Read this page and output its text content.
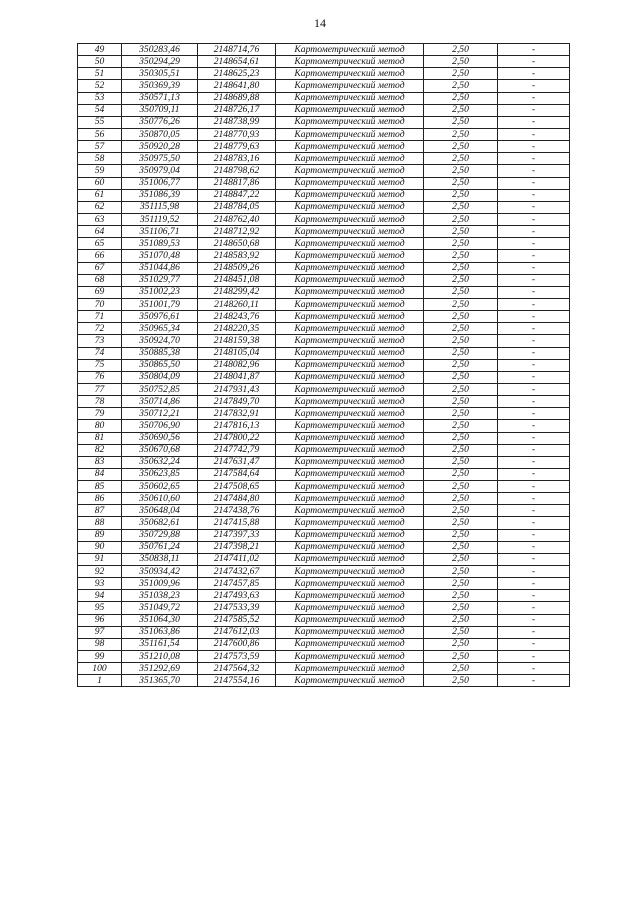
14
49	350283,46	2148714,76	Картометрический метод	2,50	-
50	350294,29	2148654,61	Картометрический метод	2,50	-
51	350305,51	2148625,23	Картометрический метод	2,50	-
52	350369,39	2148641,80	Картометрический метод	2,50	-
53	350571,13	2148689,88	Картометрический метод	2,50	-
54	350709,11	2148726,17	Картометрический метод	2,50	-
55	350776,26	2148738,99	Картометрический метод	2,50	-
56	350870,05	2148770,93	Картометрический метод	2,50	-
57	350920,28	2148779,63	Картометрический метод	2,50	-
58	350975,50	2148783,16	Картометрический метод	2,50	-
59	350979,04	2148798,62	Картометрический метод	2,50	-
60	351006,77	2148817,86	Картометрический метод	2,50	-
61	351086,39	2148847,22	Картометрический метод	2,50	-
62	351115,98	2148784,05	Картометрический метод	2,50	-
63	351119,52	2148762,40	Картометрический метод	2,50	-
64	351106,71	2148712,92	Картометрический метод	2,50	-
65	351089,53	2148650,68	Картометрический метод	2,50	-
66	351070,48	2148583,92	Картометрический метод	2,50	-
67	351044,86	2148509,26	Картометрический метод	2,50	-
68	351029,77	2148451,08	Картометрический метод	2,50	-
69	351002,23	2148299,42	Картометрический метод	2,50	-
70	351001,79	2148260,11	Картометрический метод	2,50	-
71	350976,61	2148243,76	Картометрический метод	2,50	-
72	350965,34	2148220,35	Картометрический метод	2,50	-
73	350924,70	2148159,38	Картометрический метод	2,50	-
74	350885,38	2148105,04	Картометрический метод	2,50	-
75	350865,50	2148082,96	Картометрический метод	2,50	-
76	350804,09	2148041,87	Картометрический метод	2,50	-
77	350752,85	2147931,43	Картометрический метод	2,50	-
78	350714,86	2147849,70	Картометрический метод	2,50	-
79	350712,21	2147832,91	Картометрический метод	2,50	-
80	350706,90	2147816,13	Картометрический метод	2,50	-
81	350690,56	2147800,22	Картометрический метод	2,50	-
82	350670,68	2147742,79	Картометрический метод	2,50	-
83	350632,24	2147631,47	Картометрический метод	2,50	-
84	350623,85	2147584,64	Картометрический метод	2,50	-
85	350602,65	2147508,65	Картометрический метод	2,50	-
86	350610,60	2147484,80	Картометрический метод	2,50	-
87	350648,04	2147438,76	Картометрический метод	2,50	-
88	350682,61	2147415,88	Картометрический метод	2,50	-
89	350729,88	2147397,33	Картометрический метод	2,50	-
90	350761,24	2147398,21	Картометрический метод	2,50	-
91	350838,11	2147411,02	Картометрический метод	2,50	-
92	350934,42	2147432,67	Картометрический метод	2,50	-
93	351009,96	2147457,85	Картометрический метод	2,50	-
94	351038,23	2147493,63	Картометрический метод	2,50	-
95	351049,72	2147533,39	Картометрический метод	2,50	-
96	351064,30	2147585,52	Картометрический метод	2,50	-
97	351063,86	2147612,03	Картометрический метод	2,50	-
98	351161,54	2147600,86	Картометрический метод	2,50	-
99	351210,08	2147573,59	Картометрический метод	2,50	-
100	351292,69	2147564,32	Картометрический метод	2,50	-
1	351365,70	2147554,16	Картометрический метод	2,50	-
